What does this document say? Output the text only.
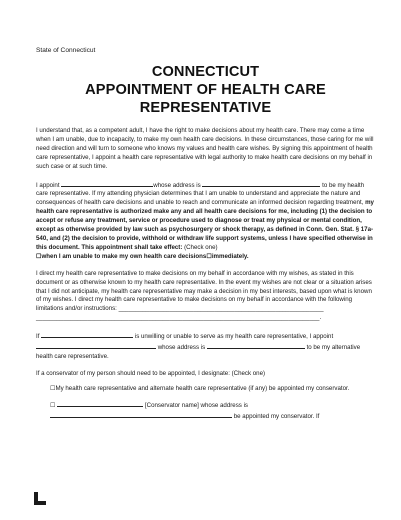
State of Connecticut
CONNECTICUT
APPOINTMENT OF HEALTH CARE
REPRESENTATIVE

I understand that, as a competent adult, I have the right to make decisions about my health care. There may come a time when I am unable, due to incapacity, to make my own health care decisions. In these circumstances, those caring for me will need direction and will turn to someone who knows my values and health care wishes. By signing this appointment of health care representative, I appoint a health care representative with legal authority to make health care decisions on my behalf in such case or at such time.

I appoint	whose address is	to be my health care representative. If my attending physician determines that I am unable to understand and appreciate the nature and consequences of health care decisions and unable to reach and communicate an informed decision regarding treatment, my health care representative is authorized make any and all health care decisions for me, including (1) the decision to accept or refuse any treatment, service or procedure used to diagnose or treat my physical or mental condition, except as otherwise provided by law such as psychosurgery or shock therapy, as defined in Conn. Gen. Stat. § 17a-540, and (2) the decision to provide, withhold or withdraw life support systems, unless I have specified otherwise in this document. This appointment shall take effect: (Check one)
☐when I am unable to make my own health care decisions☐immediately.

I direct my health care representative to make decisions on my behalf in accordance with my wishes, as stated in this document or as otherwise known to my health care representative. In the event my wishes are not clear or a situation arises that I did not anticipate, my health care representative may make a decision in my best interests, based upon what is known of my wishes. I direct my health care representative to make decisions on my behalf in accordance with the following limitations and/or instructions: ____________________________________________________________
___________________________________________________________________________________.

If	is unwilling or unable to serve as my health care representative, I appoint  whose address is	to be my alternative health care representative.

If a conservator of my person should need to be appointed, I designate: (Check one)

☐My health care representative and alternate health care representative (if any) be appointed my conservator.

☐	[Conservator name] whose address is
be appointed my conservator. If
